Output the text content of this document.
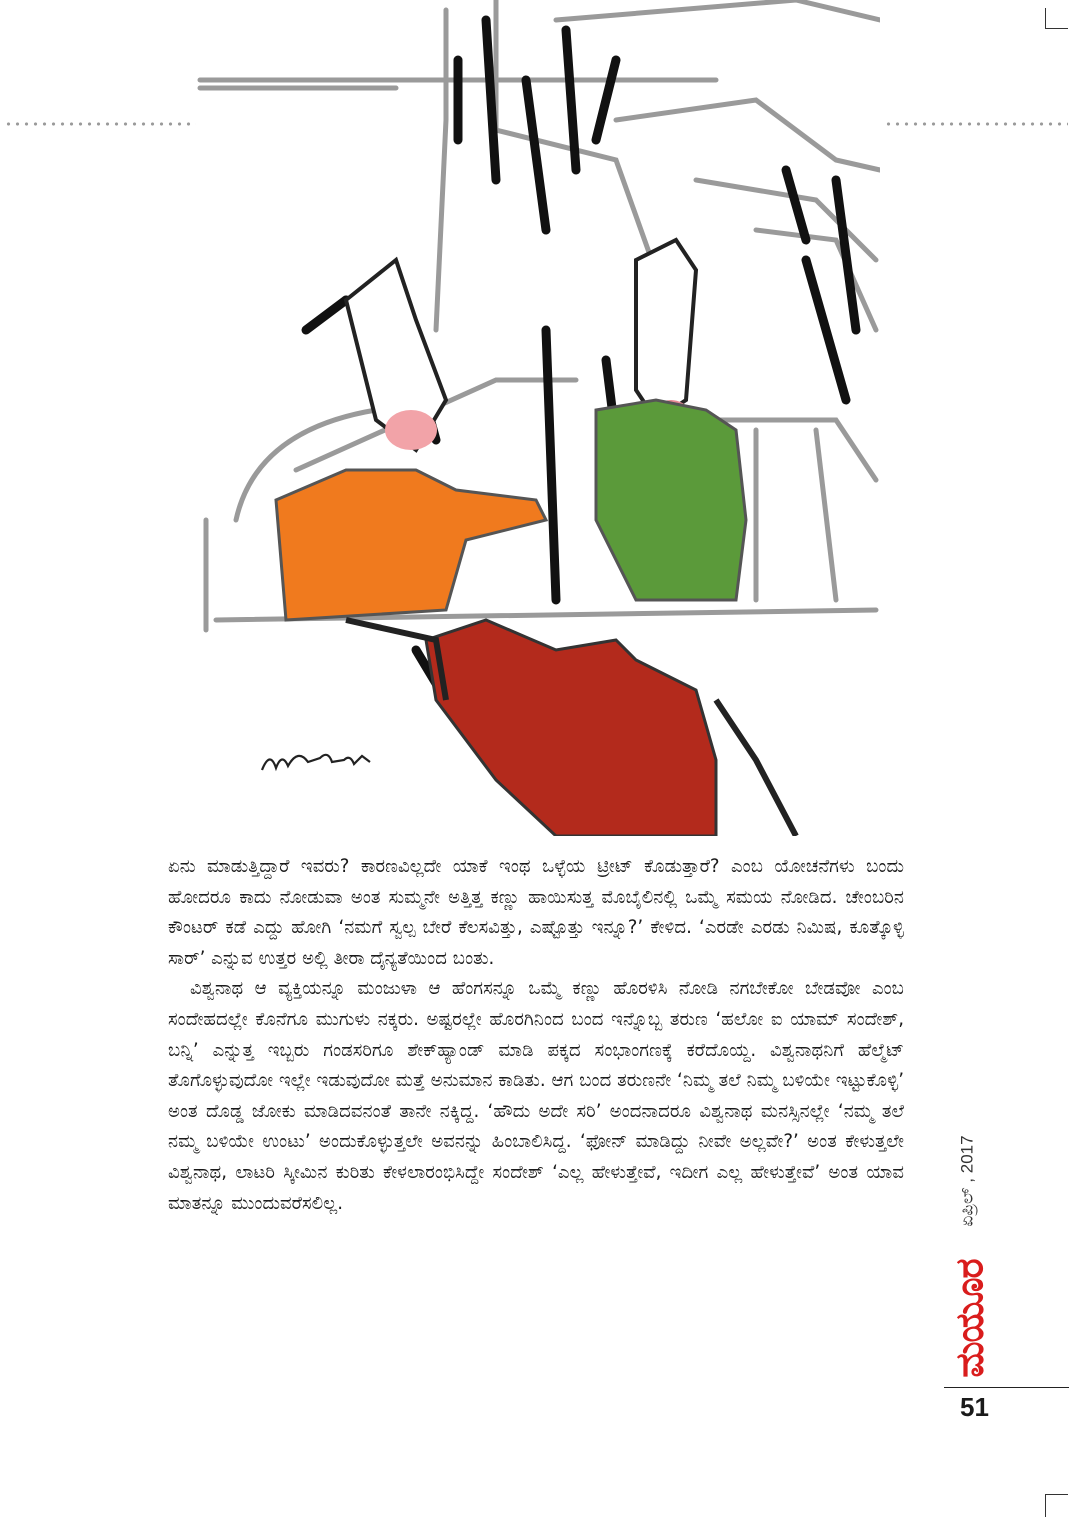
ಏನು ಮಾಡುತ್ತಿದ್ದಾರೆ ಇವರು? ಕಾರಣವಿಲ್ಲದೇ ಯಾಕೆ ಇಂಥ ಒಳ್ಳೆಯ ಟ್ರೀಟ್ ಕೊಡುತ್ತಾರೆ? ಎಂಬ ಯೋಚನೆಗಳು ಬಂದು ಹೋದರೂ ಕಾದು ನೋಡುವಾ ಅಂತ ಸುಮ್ಮನೇ ಅತ್ತಿತ್ತ ಕಣ್ಣು ಹಾಯಿಸುತ್ತ ಮೊಬೈಲಿನಲ್ಲಿ ಒಮ್ಮೆ ಸಮಯ ನೋಡಿದ. ಚೇಂಬರಿನ ಕೌಂಟರ್ ಕಡೆ ಎದ್ದು ಹೋಗಿ ‘ನಮಗೆ ಸ್ವಲ್ಪ ಬೇರೆ ಕೆಲಸವಿತ್ತು, ಎಷ್ಟೊತ್ತು ಇನ್ನೂ?’ ಕೇಳಿದ. ‘ಎರಡೇ ಎರಡು ನಿಮಿಷ, ಕೂತ್ಕೊಳ್ಳಿ ಸಾರ್’ ಎನ್ನುವ ಉತ್ತರ ಅಲ್ಲಿ ತೀರಾ ದೈನ್ಯತೆಯಿಂದ ಬಂತು.

ವಿಶ್ವನಾಥ ಆ ವ್ಯಕ್ತಿಯನ್ನೂ ಮಂಜುಳಾ ಆ ಹೆಂಗಸನ್ನೂ ಒಮ್ಮೆ ಕಣ್ಣು ಹೊರಳಿಸಿ ನೋಡಿ ನಗಬೇಕೋ ಬೇಡವೋ ಎಂಬ ಸಂದೇಹದಲ್ಲೇ ಕೊನೆಗೂ ಮುಗುಳು ನಕ್ಕರು. ಅಷ್ಟರಲ್ಲೇ ಹೊರಗಿನಿಂದ ಬಂದ ಇನ್ನೊಬ್ಬ ತರುಣ ‘ಹಲೋ ಐ ಯಾಮ್ ಸಂದೇಶ್, ಬನ್ನಿ’ ಎನ್ನುತ್ತ ಇಬ್ಬರು ಗಂಡಸರಿಗೂ ಶೇಕ್‌ಹ್ಯಾಂಡ್ ಮಾಡಿ ಪಕ್ಕದ ಸಂಭಾಂಗಣಕ್ಕೆ ಕರೆದೊಯ್ದ. ವಿಶ್ವನಾಥನಿಗೆ ಹೆಲ್ಮೆಟ್ ತೊಗೊಳ್ಳುವುದೋ ಇಲ್ಲೇ ಇಡುವುದೋ ಮತ್ತೆ ಅನುಮಾನ ಕಾಡಿತು. ಆಗ ಬಂದ ತರುಣನೇ ‘ನಿಮ್ಮ ತಲೆ ನಿಮ್ಮ ಬಳಿಯೇ ಇಟ್ಟುಕೊಳ್ಳಿ’ ಅಂತ ದೊಡ್ಡ ಜೋಕು ಮಾಡಿದವನಂತೆ ತಾನೇ ನಕ್ಕಿದ್ದ. ‘ಹೌದು ಅದೇ ಸರಿ’ ಅಂದನಾದರೂ ವಿಶ್ವನಾಥ ಮನಸ್ಸಿನಲ್ಲೇ ‘ನಮ್ಮ ತಲೆ ನಮ್ಮ ಬಳಿಯೇ ಉಂಟು’ ಅಂದುಕೊಳ್ಳುತ್ತಲೇ ಅವನನ್ನು ಹಿಂಬಾಲಿಸಿದ್ದ. ‘ಫೋನ್ ಮಾಡಿದ್ದು ನೀವೇ ಅಲ್ಲವೇ?’ ಅಂತ ಕೇಳುತ್ತಲೇ ವಿಶ್ವನಾಥ, ಲಾಟರಿ ಸ್ಕೀಮಿನ ಕುರಿತು ಕೇಳಲಾರಂಭಿಸಿದ್ದೇ ಸಂದೇಶ್ ‘ಎಲ್ಲ ಹೇಳುತ್ತೇವೆ, ಇದೀಗ ಎಲ್ಲ ಹೇಳುತ್ತೇವೆ’ ಅಂತ ಯಾವ ಮಾತನ್ನೂ ಮುಂದುವರೆಸಲಿಲ್ಲ.	ಏಪ್ರಿಲ್ , 2017
ಮಯೂರ
51
